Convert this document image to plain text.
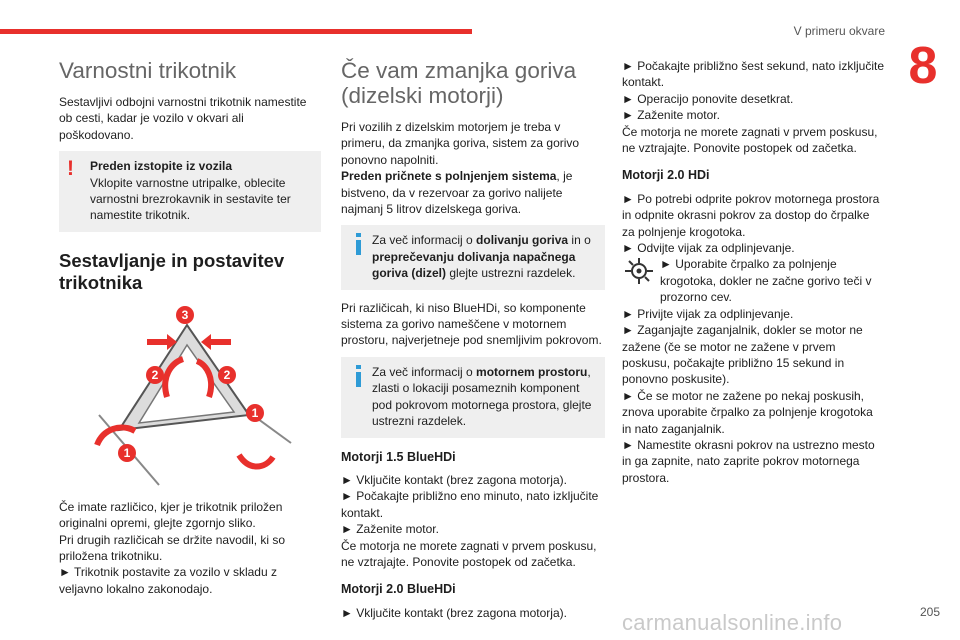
V primeru okvare
8
Varnostni trikotnik

Sestavljivi odbojni varnostni trikotnik namestite ob cesti, kadar je vozilo v okvari ali poškodovano.

!	Preden izstopite iz vozila
Vklopite varnostne utripalke, oblecite varnostni brezrokavnik in sestavite ter namestite trikotnik.
Sestavljanje in postavitev trikotnika
3
2	2
1
1

Če imate različico, kjer je trikotnik priložen originalni opremi, glejte zgornjo sliko.

Pri drugih različicah se držite navodil, ki so priložena trikotniku.

► Trikotnik postavite za vozilo v skladu z veljavno lokalno zakonodajo.

Če vam zmanjka goriva (dizelski motorji)

Pri vozilih z dizelskim motorjem je treba v primeru, da zmanjka goriva, sistem za gorivo ponovno napolniti.

Preden pričnete s polnjenjem sistema, je bistveno, da v rezervoar za gorivo nalijete najmanj 5 litrov dizelskega goriva.

Za več informacij o dolivanju goriva in o preprečevanju dolivanja napačnega goriva (dizel) glejte ustrezni razdelek.

Pri različicah, ki niso BlueHDi, so komponente sistema za gorivo nameščene v motornem prostoru, najverjetneje pod snemljivim pokrovom.

Za več informacij o motornem prostoru, zlasti o lokaciji posameznih komponent pod pokrovom motornega prostora, glejte ustrezni razdelek.
Motorji 1.5 BlueHDi
► Vključite kontakt (brez zagona motorja).
► Počakajte približno eno minuto, nato izključite kontakt.
► Zaženite motor.
Če motorja ne morete zagnati v prvem poskusu, ne vztrajajte. Ponovite postopek od začetka.
Motorji 2.0 BlueHDi
► Vključite kontakt (brez zagona motorja).
► Počakajte približno šest sekund, nato izključite kontakt.
► Operacijo ponovite desetkrat.
► Zaženite motor.
Če motorja ne morete zagnati v prvem poskusu, ne vztrajajte. Ponovite postopek od začetka.
Motorji 2.0 HDi
► Po potrebi odprite pokrov motornega prostora in odpnite okrasni pokrov za dostop do črpalke za polnjenje krogotoka.
► Odvijte vijak za odplinjevanje.
► Uporabite črpalko za polnjenje krogotoka, dokler ne začne gorivo teči v prozorno cev.
► Privijte vijak za odplinjevanje.
► Zaganjajte zaganjalnik, dokler se motor ne zažene (če se motor ne zažene v prvem poskusu, počakajte približno 15 sekund in ponovno poskusite).
► Če se motor ne zažene po nekaj poskusih, znova uporabite črpalko za polnjenje krogotoka in nato zaganjalnik.
► Namestite okrasni pokrov na ustrezno mesto in ga zapnite, nato zaprite pokrov motornega prostora.
205
carmanualsonline.info
